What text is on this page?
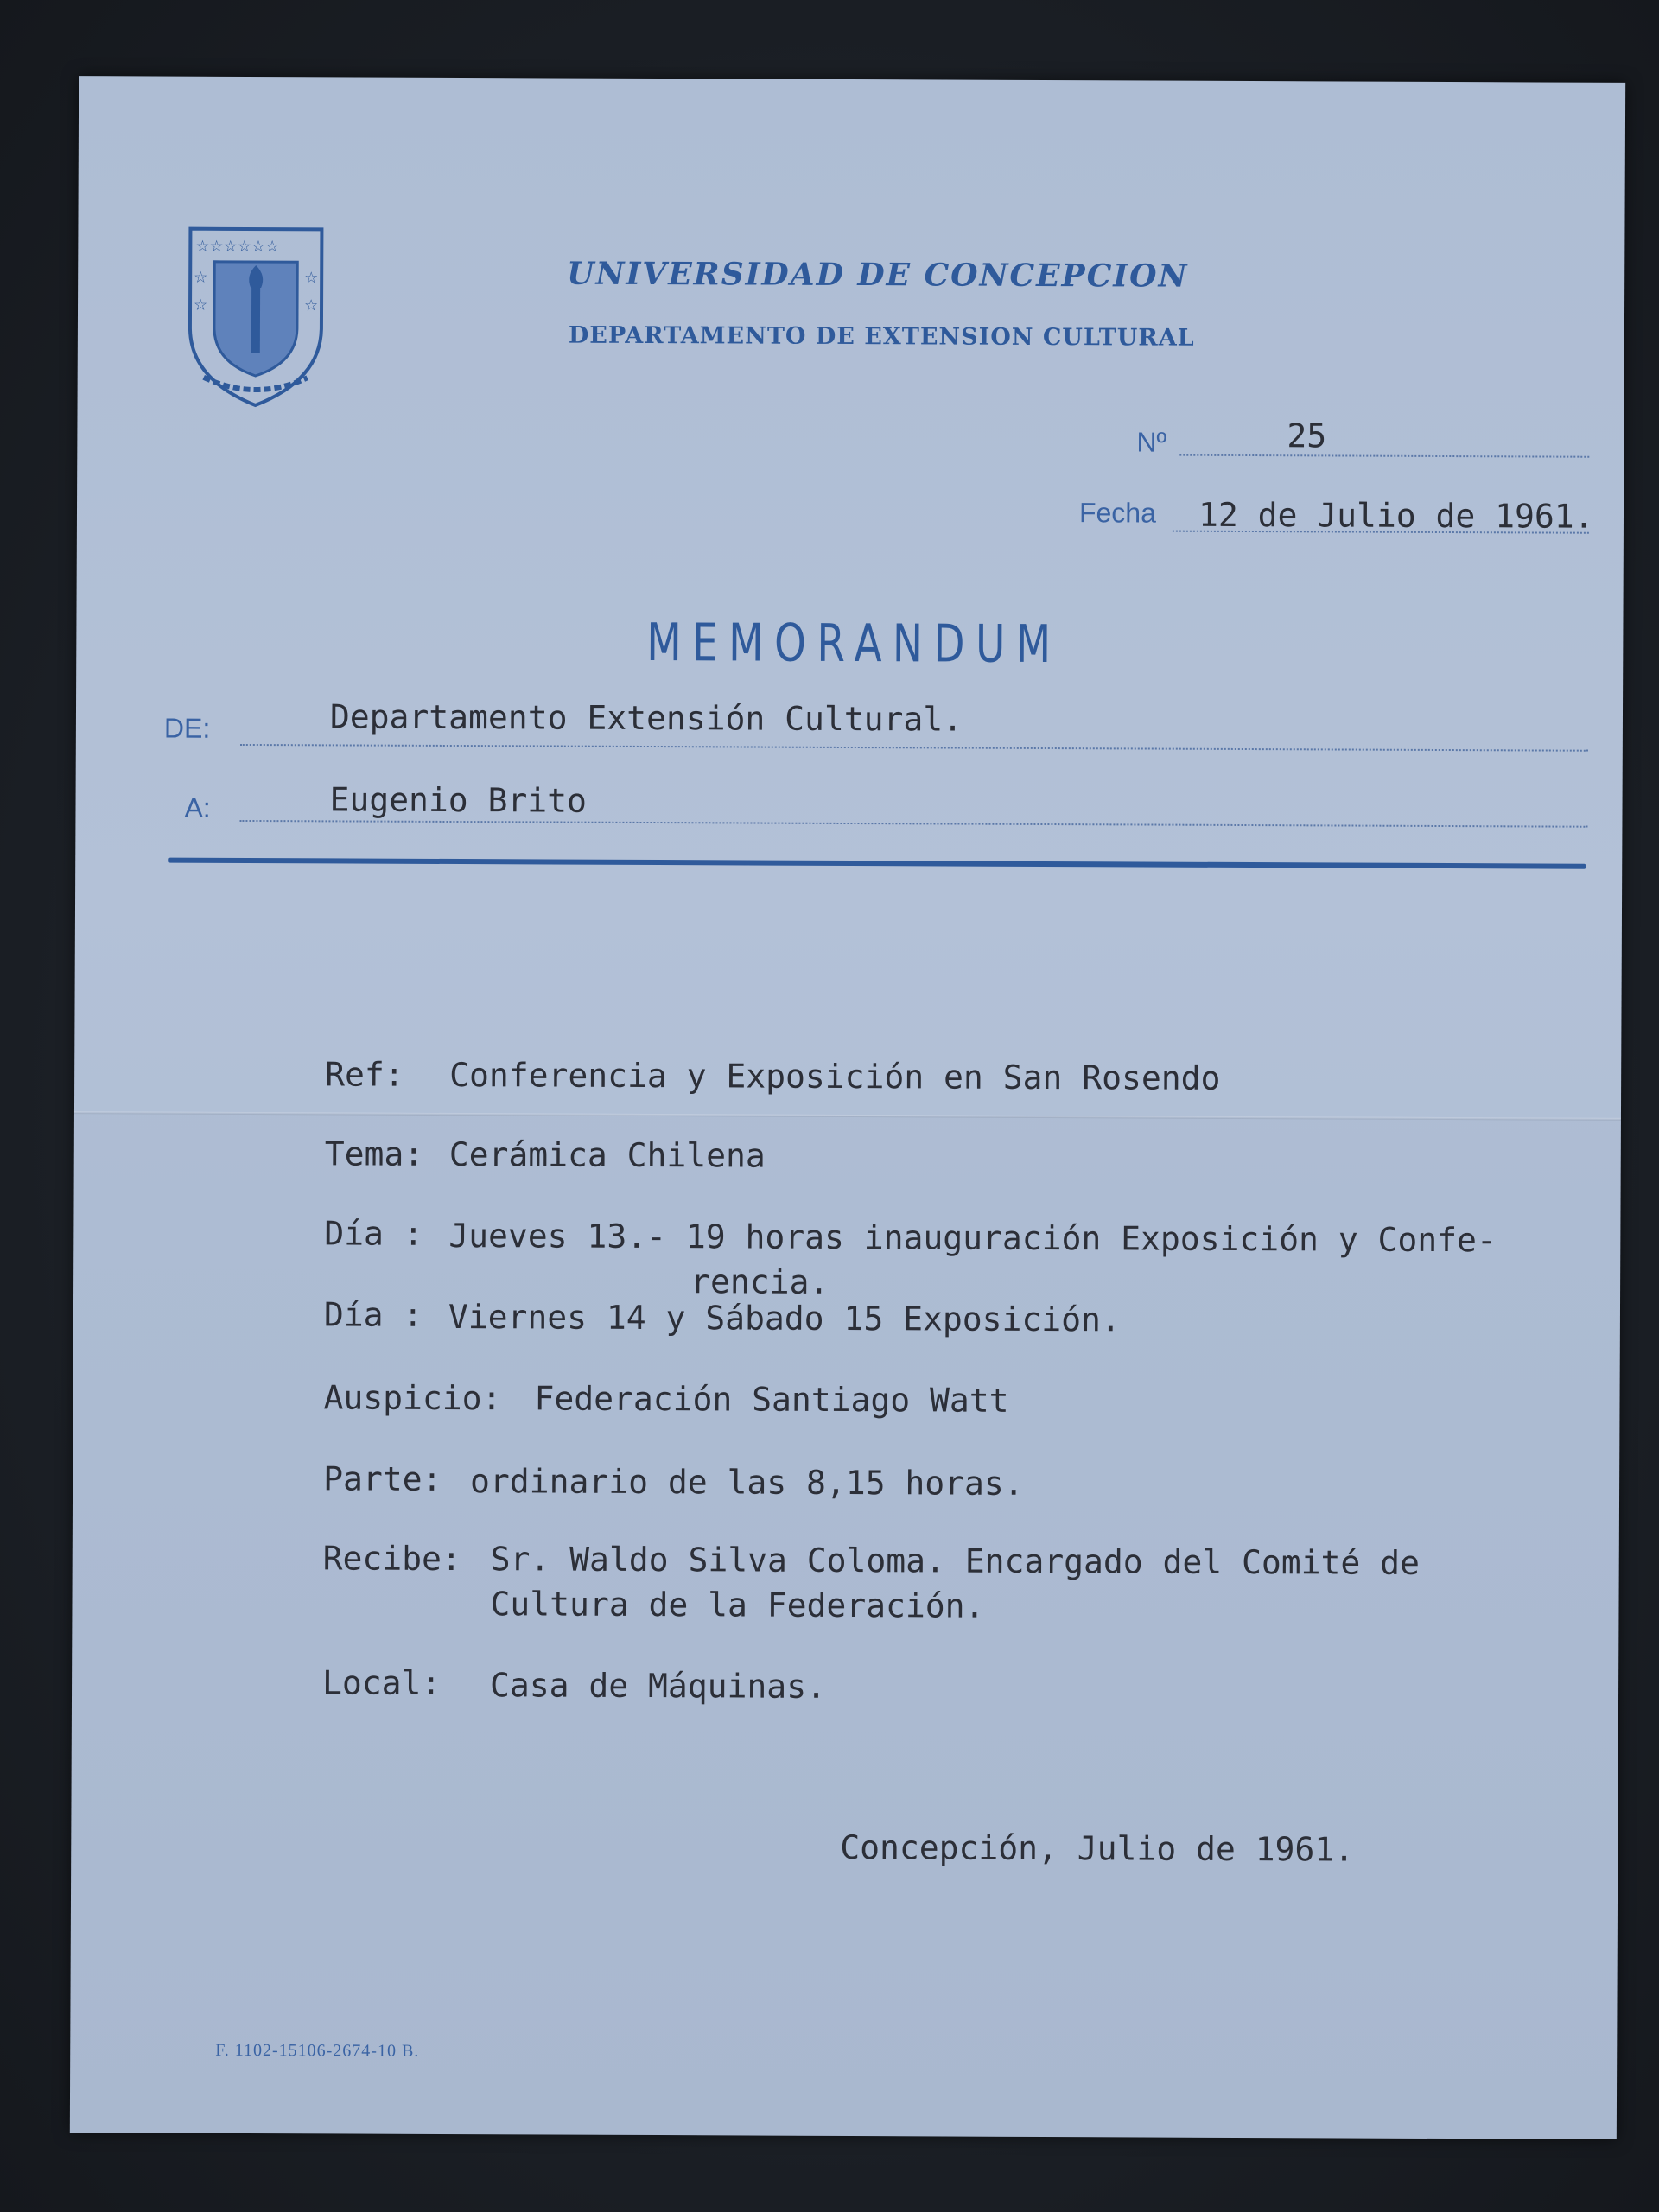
☆☆☆☆☆☆
☆
☆
☆
☆
UNIVERSIDAD DE CONCEPCION
DEPARTAMENTO DE EXTENSION CULTURAL
Nº	25
Fecha 12 de Julio de 1961.
MEMORANDUM
DE:	Departamento Extensión Cultural.
A:	Eugenio Brito
Ref: Conferencia y Exposición en San Rosendo
Tema: Cerámica Chilena
Día : Jueves 13.- 19 horas inauguración Exposición y Confe-
rencia.
Día : Viernes 14 y Sábado 15 Exposición.
Auspicio: Federación Santiago Watt
Parte: ordinario de las 8,15 horas.
Recibe: Sr. Waldo Silva Coloma. Encargado del Comité de
Cultura de la Federación.
Local: Casa de Máquinas.
Concepción, Julio de 1961.
F. 1102-15106-2674-10 B.
